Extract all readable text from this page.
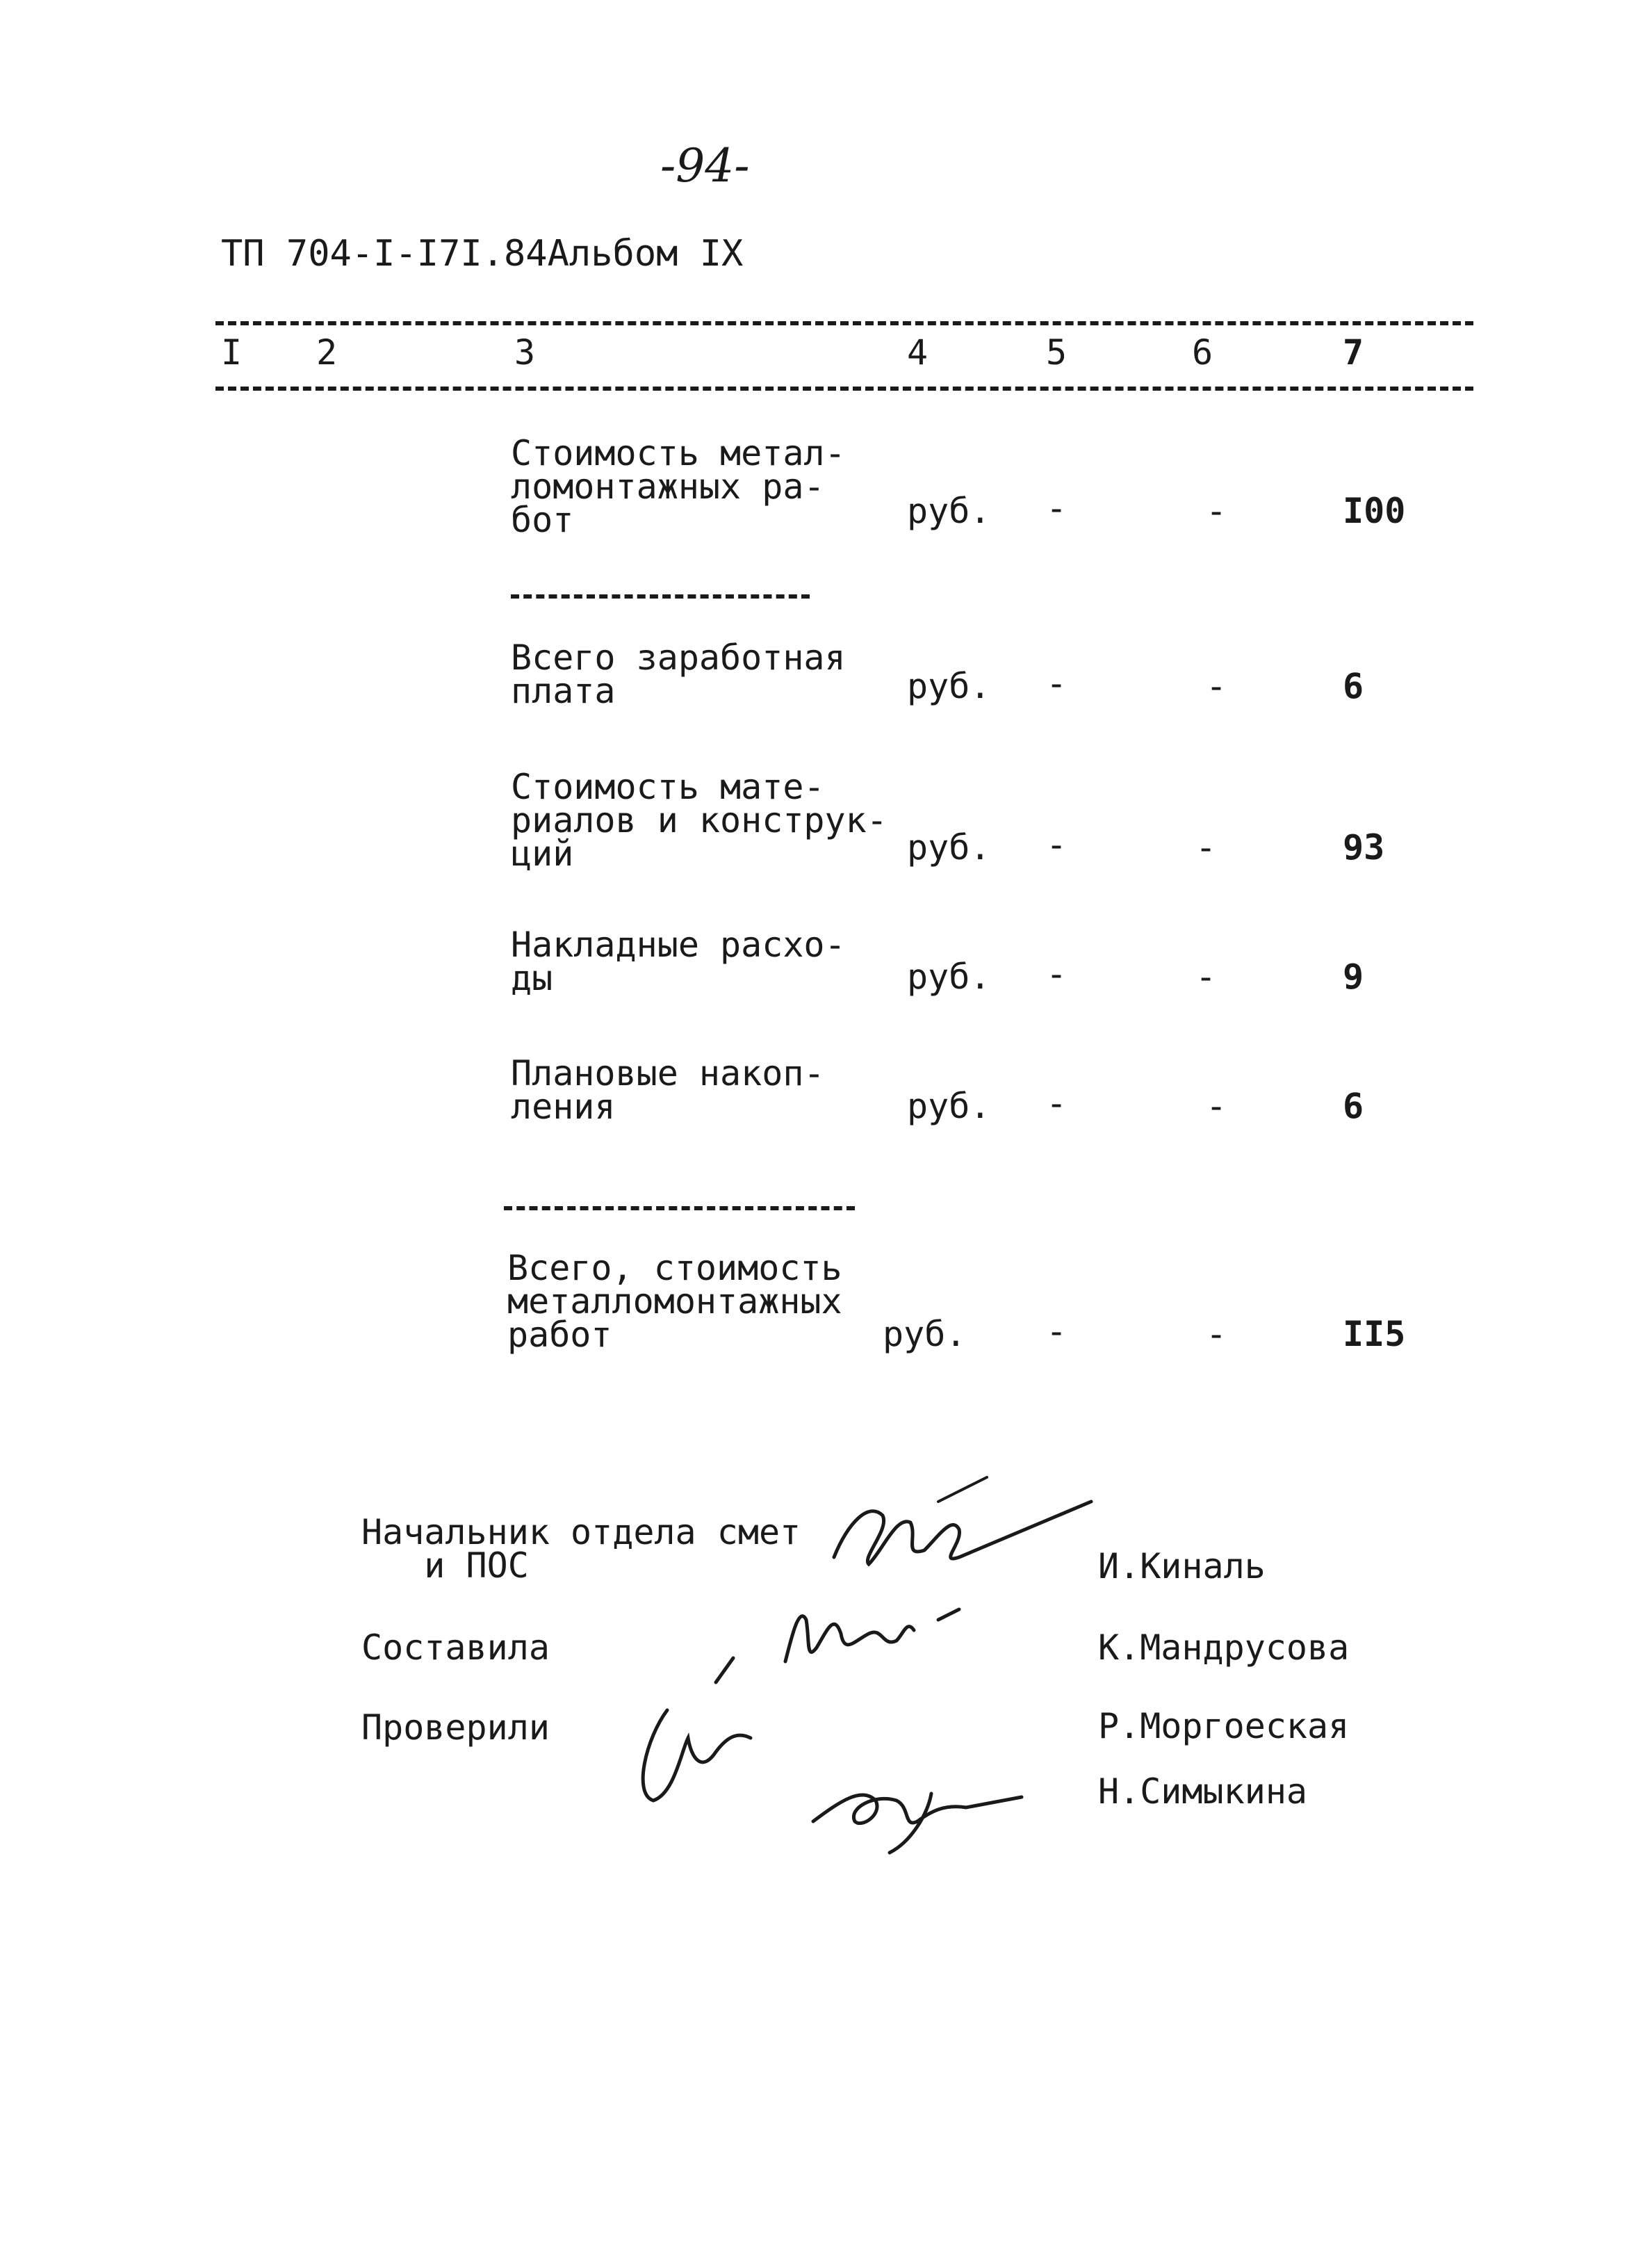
-94-
ТП 704-I-I7I.84Альбом IX
I 2	3	4	5	6	7
Стоимость метал-
ломонтажных ра-
бот	руб. -	-	I00
Всего заработная
плата	руб. -	-	6
Стоимость мате-
риалов и конструк-
ций	руб. -	-	93
Накладные расхо-
ды	руб. -	-	9
Плановые накоп-
ления	руб. -	-	6
Всего, стоимость
металломонтажных
работ	руб. -	-	II5
Начальник отдела смет
и ПОС
Составила
Проверили
И.Киналь
К.Мандрусова
Р.Моргоеская
Н.Симыкина
